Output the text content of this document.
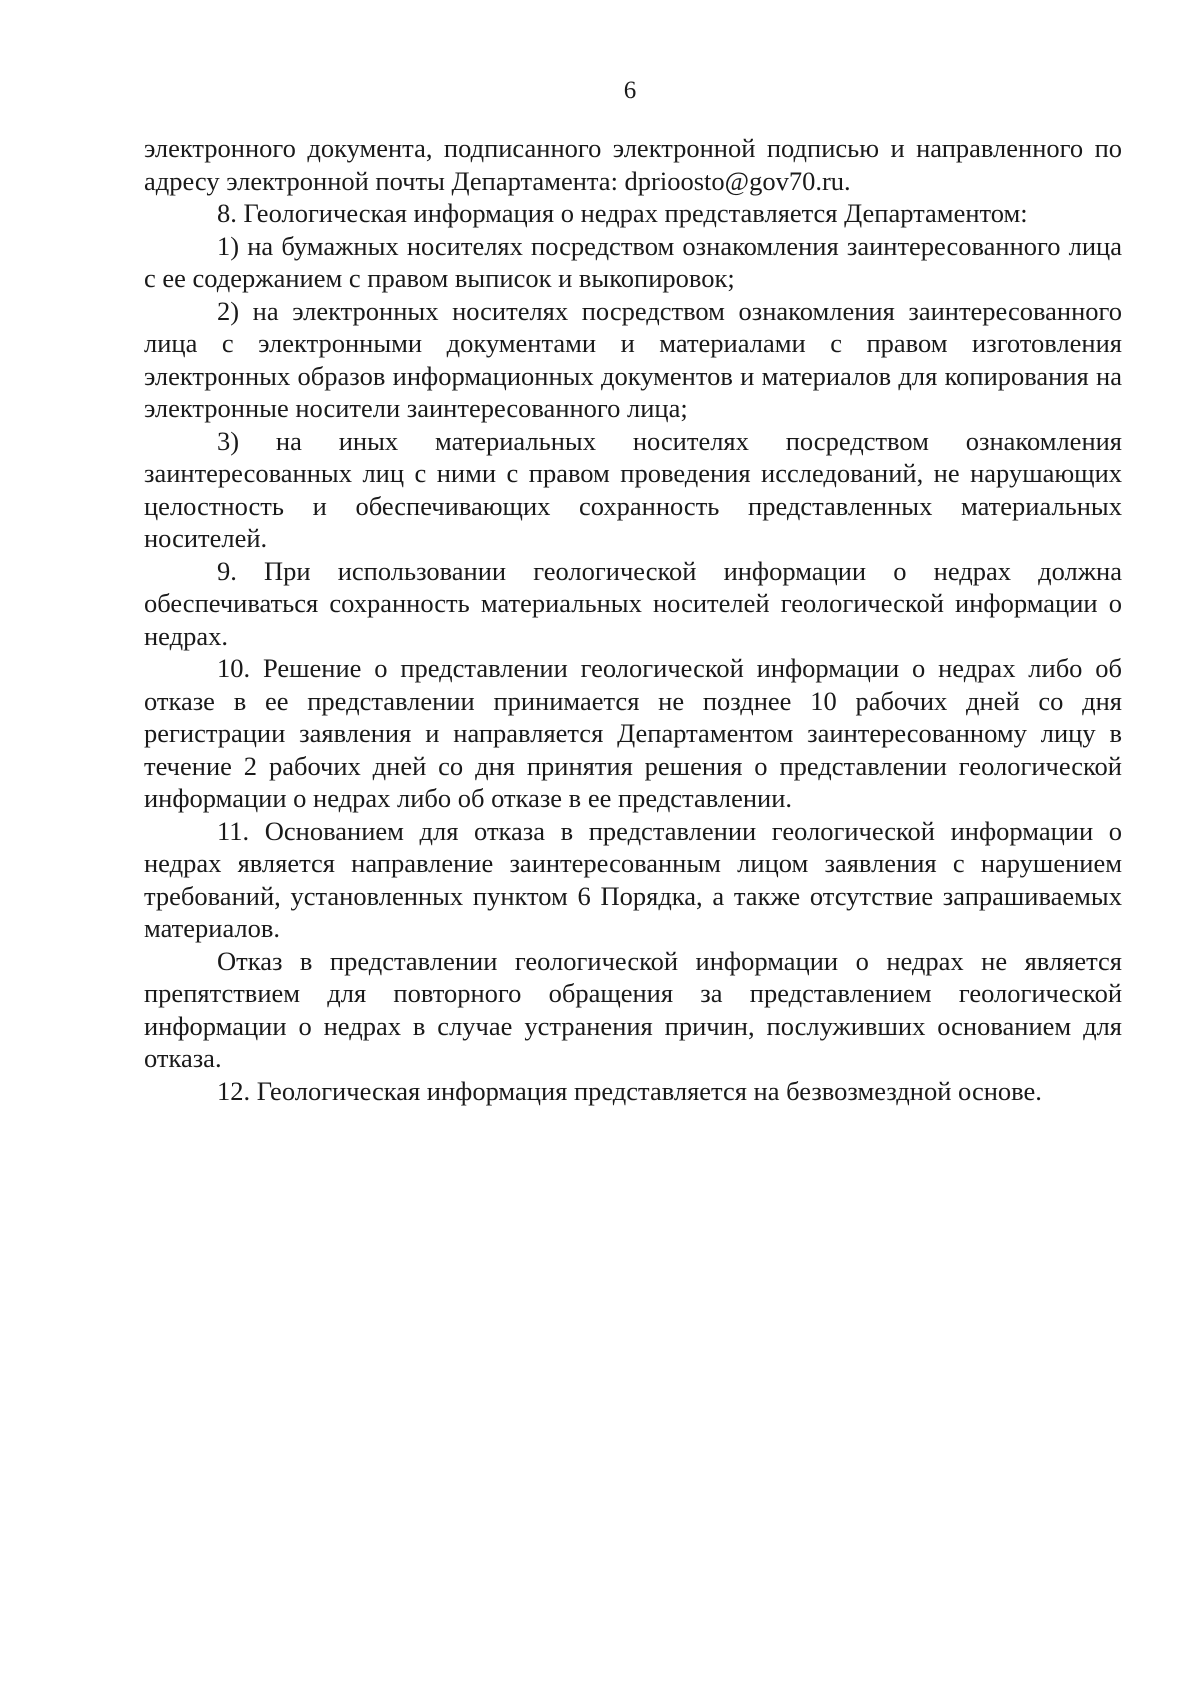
6

электронного документа, подписанного электронной подписью и направленного по адресу электронной почты Департамента: dprioosto@gov70.ru.

8. Геологическая информация о недрах представляется Департаментом:

1) на бумажных носителях посредством ознакомления заинтересованного лица с ее содержанием с правом выписок и выкопировок;

2) на электронных носителях посредством ознакомления заинтересованного лица с электронными документами и материалами с правом изготовления электронных образов информационных документов и материалов для копирования на электронные носители заинтересованного лица;

3) на иных материальных носителях посредством ознакомления заинтересованных лиц с ними с правом проведения исследований, не нарушающих целостность и обеспечивающих сохранность представленных материальных носителей.

9. При использовании геологической информации о недрах должна обеспечиваться сохранность материальных носителей геологической информации о недрах.

10. Решение о представлении геологической информации о недрах либо об отказе в ее представлении принимается не позднее 10 рабочих дней со дня регистрации заявления и направляется Департаментом заинтересованному лицу в течение 2 рабочих дней со дня принятия решения о представлении геологической информации о недрах либо об отказе в ее представлении.

11. Основанием для отказа в представлении геологической информации о недрах является направление заинтересованным лицом заявления с нарушением требований, установленных пунктом 6 Порядка, а также отсутствие запрашиваемых материалов.

Отказ в представлении геологической информации о недрах не является препятствием для повторного обращения за представлением геологической информации о недрах в случае устранения причин, послуживших основанием для отказа.

12. Геологическая информация представляется на безвозмездной основе.
